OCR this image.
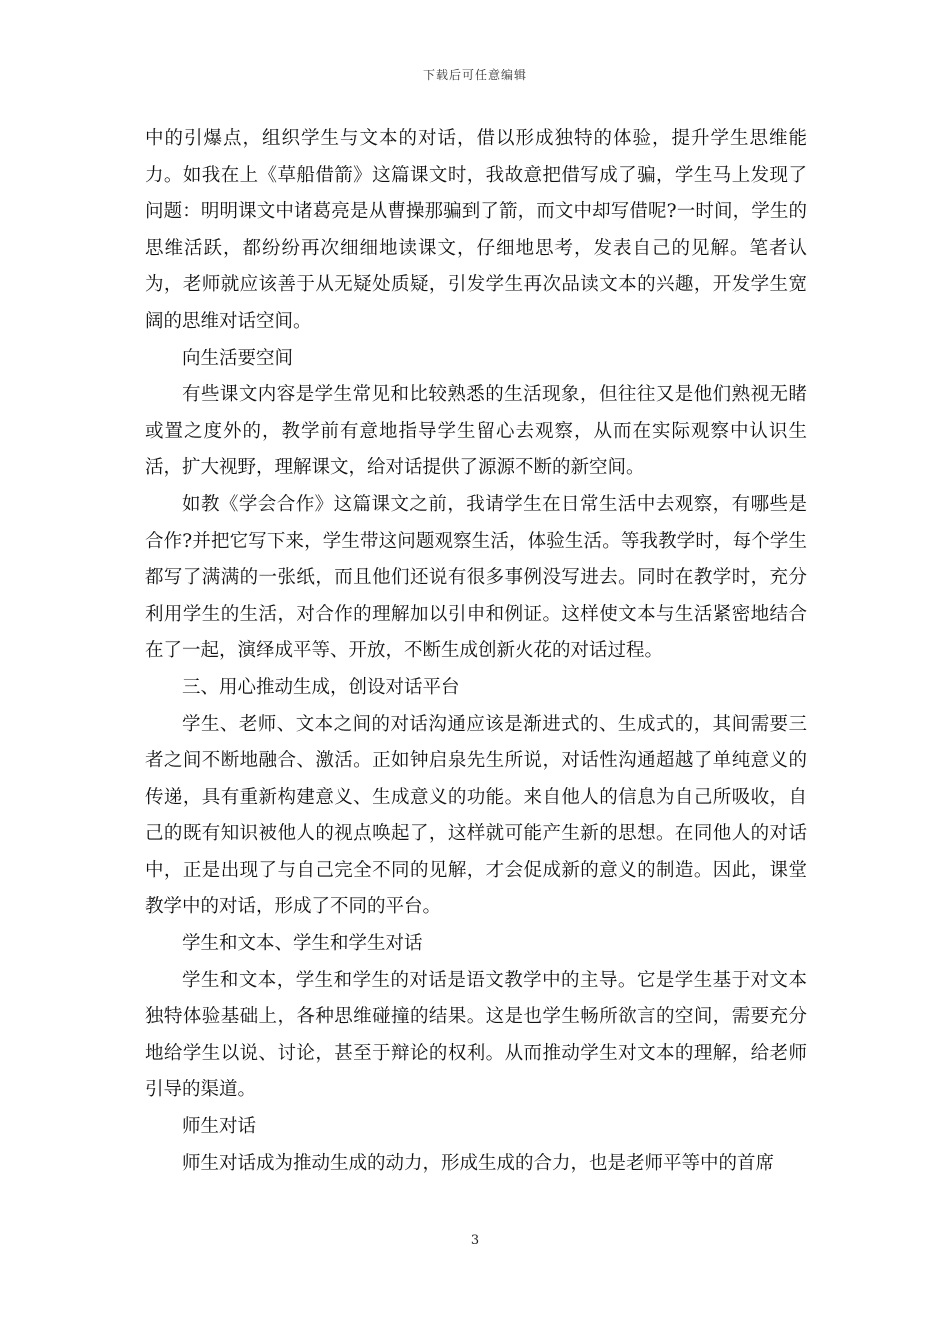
下载后可任意编辑

中的引爆点，组织学生与文本的对话，借以形成独特的体验，提升学生思维能力。如我在上《草船借箭》这篇课文时，我故意把借写成了骗，学生马上发现了问题：明明课文中诸葛亮是从曹操那骗到了箭，而文中却写借呢?一时间，学生的思维活跃，都纷纷再次细细地读课文，仔细地思考，发表自己的见解。笔者认为，老师就应该善于从无疑处质疑，引发学生再次品读文本的兴趣，开发学生宽阔的思维对话空间。

向生活要空间

有些课文内容是学生常见和比较熟悉的生活现象，但往往又是他们熟视无睹或置之度外的，教学前有意地指导学生留心去观察，从而在实际观察中认识生活，扩大视野，理解课文，给对话提供了源源不断的新空间。

如教《学会合作》这篇课文之前，我请学生在日常生活中去观察，有哪些是合作?并把它写下来，学生带这问题观察生活，体验生活。等我教学时，每个学生都写了满满的一张纸，而且他们还说有很多事例没写进去。同时在教学时，充分利用学生的生活，对合作的理解加以引申和例证。这样使文本与生活紧密地结合在了一起，演绎成平等、开放，不断生成创新火花的对话过程。

三、用心推动生成，创设对话平台

学生、老师、文本之间的对话沟通应该是渐进式的、生成式的，其间需要三者之间不断地融合、激活。正如钟启泉先生所说，对话性沟通超越了单纯意义的传递，具有重新构建意义、生成意义的功能。来自他人的信息为自己所吸收，自己的既有知识被他人的视点唤起了，这样就可能产生新的思想。在同他人的对话中，正是出现了与自己完全不同的见解，才会促成新的意义的制造。因此，课堂教学中的对话，形成了不同的平台。

学生和文本、学生和学生对话

学生和文本，学生和学生的对话是语文教学中的主导。它是学生基于对文本独特体验基础上，各种思维碰撞的结果。这是也学生畅所欲言的空间，需要充分地给学生以说、讨论，甚至于辩论的权利。从而推动学生对文本的理解，给老师引导的渠道。

师生对话

师生对话成为推动生成的动力，形成生成的合力，也是老师平等中的首席

3
